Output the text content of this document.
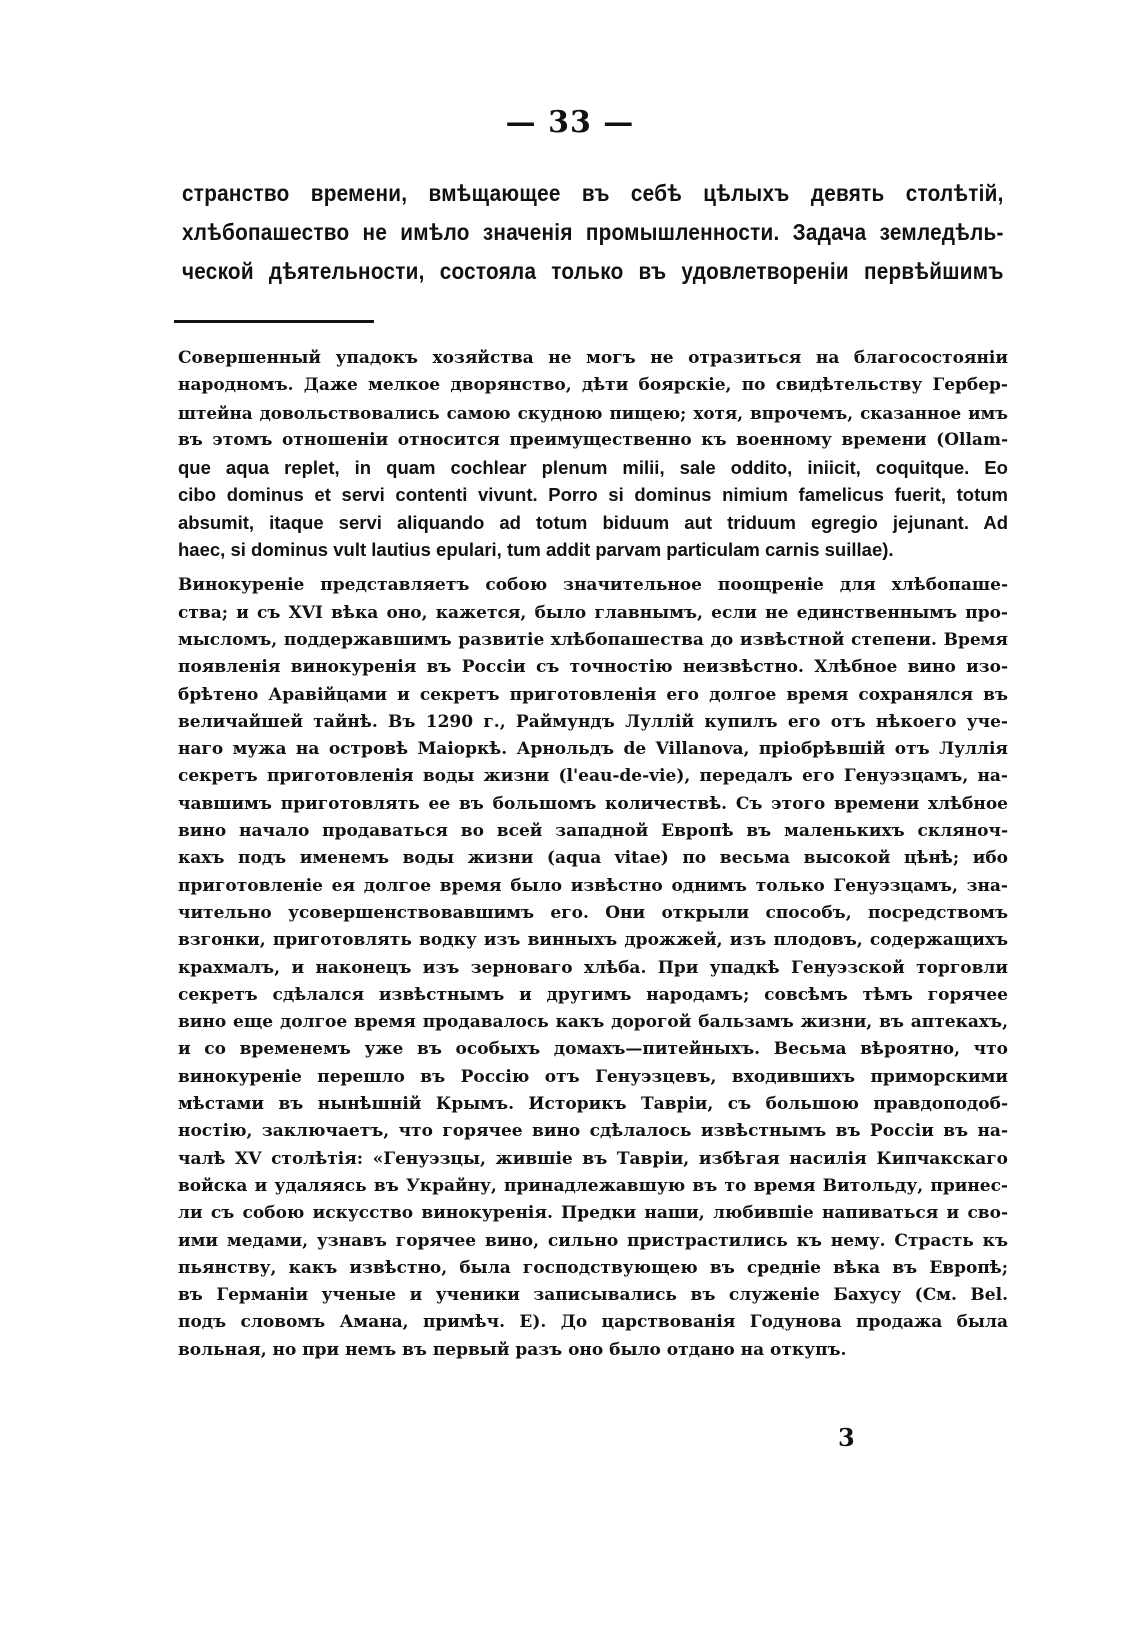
— 33 —
странство времени, вмѣщающее въ себѣ цѣлыхъ девять столѣтій,
хлѣбопашество не имѣло значенія промышленности. Задача земледѣль-
ческой дѣятельности, состояла только въ удовлетвореніи первѣйшимъ
Совершенный упадокъ хозяйства не могъ не отразиться на благосостояніи
народномъ. Даже мелкое дворянство, дѣти боярскіе, по свидѣтельству Гербер-
штейна довольствовались самою скудною пищею; хотя, впрочемъ, сказанное имъ
въ этомъ отношеніи относится преимущественно къ военному времени (Ollam-
que aqua replet, in quam cochlear plenum milii, sale oddito, iniicit, coquitque. Eo
cibo dominus et servi contenti vivunt. Porro si dominus nimium famelicus fuerit, totum
absumit, itaque servi aliquando ad totum biduum aut triduum egregio jejunant. Ad
haec, si dominus vult lautius epulari, tum addit parvam particulam carnis suillae).
Винокуреніе представляетъ собою значительное поощреніе для хлѣбопаше-
ства; и съ XVI вѣка оно, кажется, было главнымъ, если не единственнымъ про-
мысломъ, поддержавшимъ развитіе хлѣбопашества до извѣстной степени. Время
появленія винокуренія въ Россіи съ точностію неизвѣстно. Хлѣбное вино изо-
брѣтено Аравійцами и секретъ приготовленія его долгое время сохранялся въ
величайшей тайнѣ. Въ 1290 г., Раймундъ Луллій купилъ его отъ нѣкоего уче-
наго мужа на островѣ Маіоркѣ. Арнольдъ de Villanova, пріобрѣвшій отъ Луллія
секретъ приготовленія воды жизни (l'eau-de-vie), передалъ его Генуэзцамъ, на-
чавшимъ приготовлять ее въ большомъ количествѣ. Съ этого времени хлѣбное
вино начало продаваться во всей западной Европѣ въ маленькихъ скляноч-
кахъ подъ именемъ воды жизни (aqua vitae) по весьма высокой цѣнѣ; ибо
приготовленіе ея долгое время было извѣстно однимъ только Генуэзцамъ, зна-
чительно усовершенствовавшимъ его. Они открыли способъ, посредствомъ
взгонки, приготовлять водку изъ винныхъ дрожжей, изъ плодовъ, содержащихъ
крахмалъ, и наконецъ изъ зерноваго хлѣба. При упадкѣ Генуэзской торговли
секретъ сдѣлался извѣстнымъ и другимъ народамъ; совсѣмъ тѣмъ горячее
вино еще долгое время продавалось какъ дорогой бальзамъ жизни, въ аптекахъ,
и со временемъ уже въ особыхъ домахъ—питейныхъ. Весьма вѣроятно, что
винокуреніе перешло въ Россію отъ Генуэзцевъ, входившихъ приморскими
мѣстами въ нынѣшній Крымъ. Историкъ Тавріи, съ большою правдоподоб-
ностію, заключаетъ, что горячее вино сдѣлалось извѣстнымъ въ Россіи въ на-
чалѣ XV столѣтія: «Генуэзцы, жившіе въ Тавріи, избѣгая насилія Кипчакскаго
войска и удаляясь въ Украйну, принадлежавшую въ то время Витольду, принес-
ли съ собою искусство винокуренія. Предки наши, любившіе напиваться и сво-
ими медами, узнавъ горячее вино, сильно пристрастились къ нему. Страсть къ
пьянству, какъ извѣстно, была господствующею въ средніе вѣка въ Европѣ;
въ Германіи ученые и ученики записывались въ служеніе Бахусу (См. Bel.
подъ словомъ Амана, примѣч. Е). До царствованія Годунова продажа была
вольная, но при немъ въ первый разъ оно было отдано на откупъ.
3
